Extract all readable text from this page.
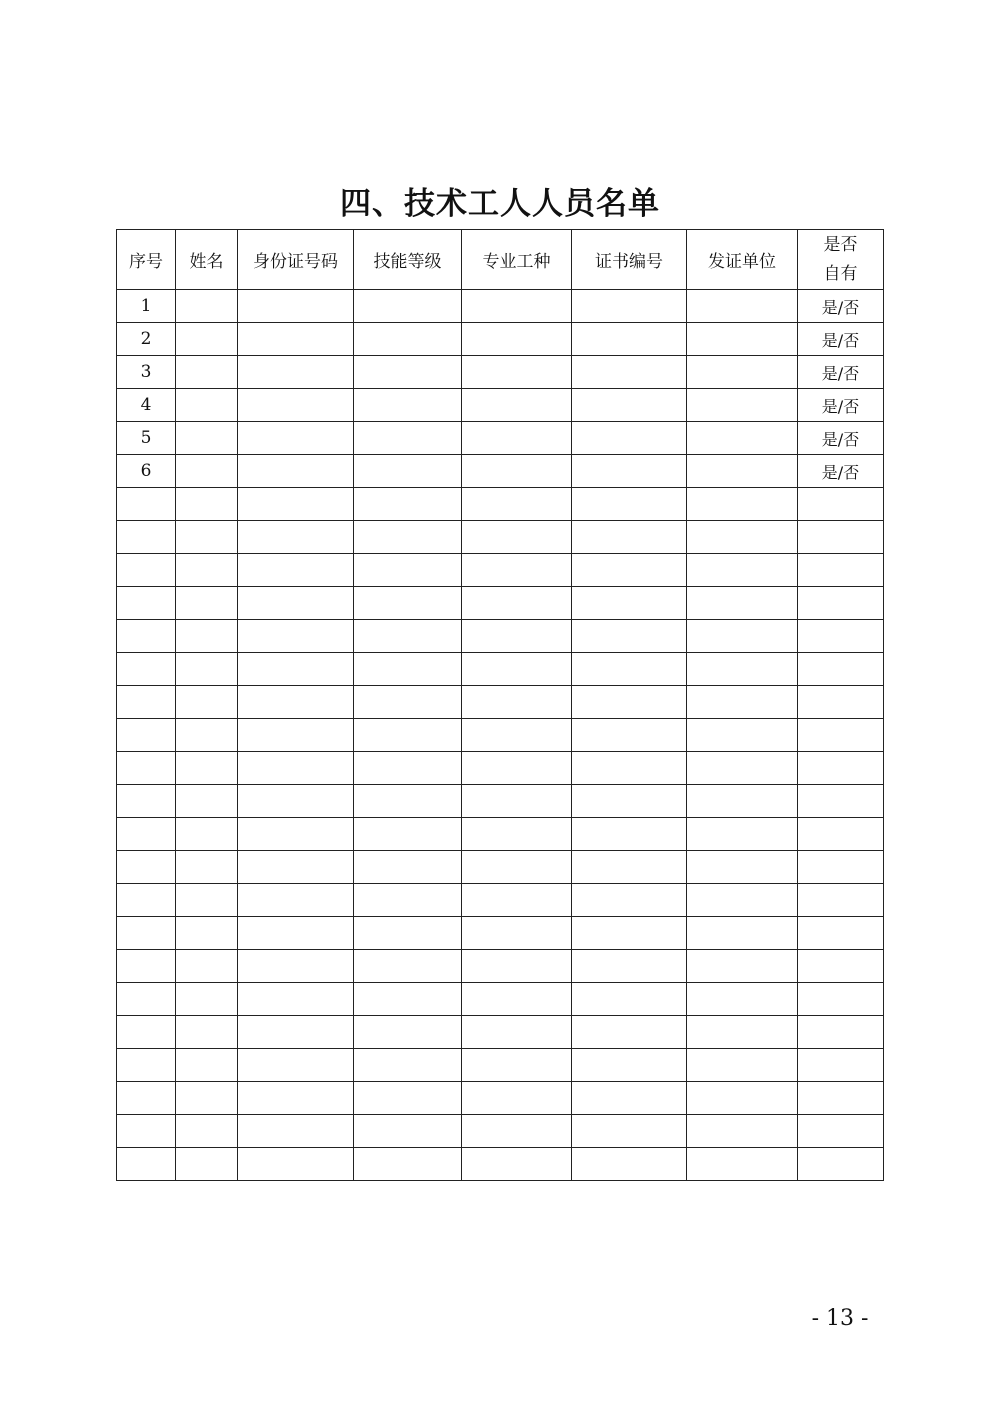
四、技术工人人员名单
序号	姓名	身份证号码	技能等级	专业工种	证书编号	发证单位	是否
自有

1							是/否
2							是/否
3							是/否
4							是/否
5							是/否
6							是/否

- 13 -
